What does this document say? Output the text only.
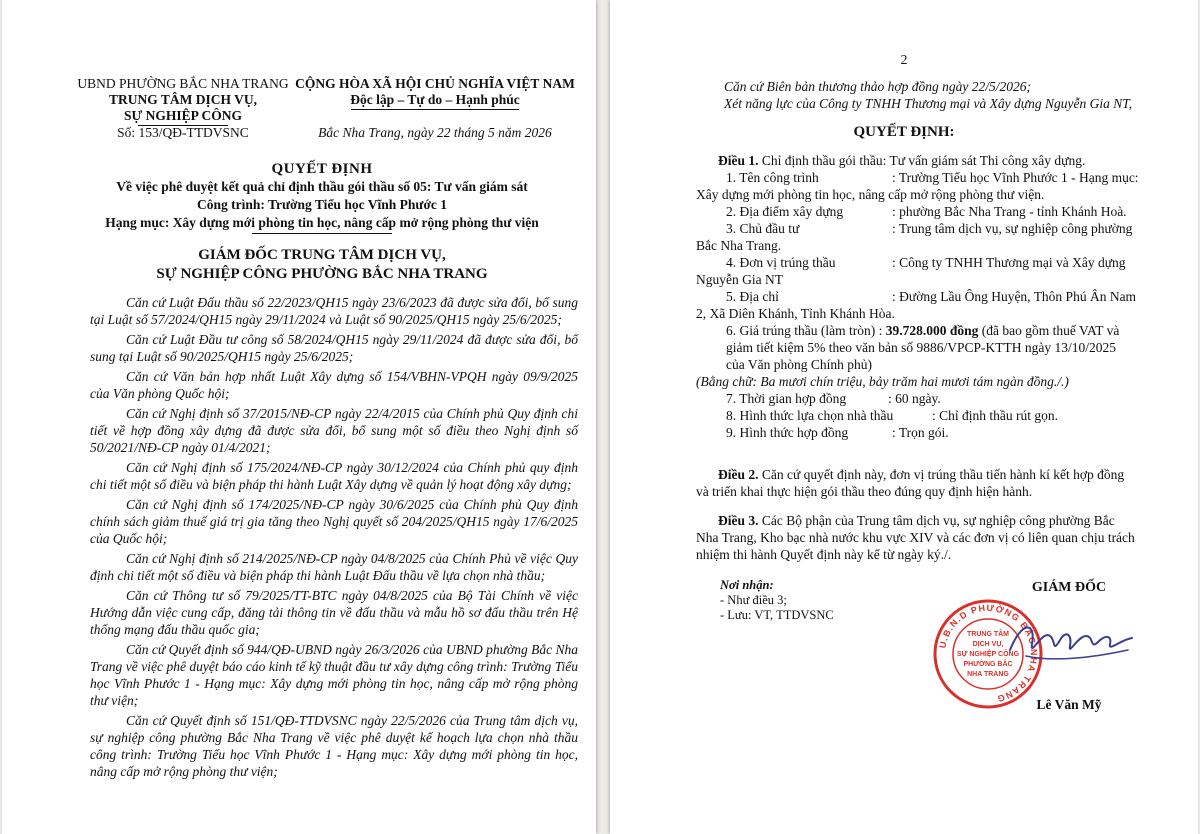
UBND PHƯỜNG BẮC NHA TRANG
TRUNG TÂM DỊCH VỤ,
SỰ NGHIỆP CÔNG
CỘNG HÒA XÃ HỘI CHỦ NGHĨA VIỆT NAM
Độc lập – Tự do – Hạnh phúc
Số: 153/QĐ-TTDVSNC	Bắc Nha Trang, ngày 22 tháng 5 năm 2026
QUYẾT ĐỊNH
Về việc phê duyệt kết quả chỉ định thầu gói thầu số 05: Tư vấn giám sát
Công trình: Trường Tiểu học Vĩnh Phước 1
Hạng mục: Xây dựng mới phòng tin học, nâng cấp mở rộng phòng thư viện
GIÁM ĐỐC TRUNG TÂM DỊCH VỤ,
SỰ NGHIỆP CÔNG PHƯỜNG BẮC NHA TRANG

Căn cứ Luật Đấu thầu số 22/2023/QH15 ngày 23/6/2023 đã được sửa đổi, bổ sung tại Luật số 57/2024/QH15 ngày 29/11/2024 và Luật số 90/2025/QH15 ngày 25/6/2025;

Căn cứ Luật Đầu tư công số 58/2024/QH15 ngày 29/11/2024 đã được sửa đổi, bổ sung tại Luật số 90/2025/QH15 ngày 25/6/2025;

Căn cứ Văn bản hợp nhất Luật Xây dựng số 154/VBHN-VPQH ngày 09/9/2025 của Văn phòng Quốc hội;

Căn cứ Nghị định số 37/2015/NĐ-CP ngày 22/4/2015 của Chính phủ Quy định chi tiết về hợp đồng xây dựng đã được sửa đổi, bổ sung một số điều theo Nghị định số 50/2021/NĐ-CP ngày 01/4/2021;

Căn cứ Nghị định số 175/2024/NĐ-CP ngày 30/12/2024 của Chính phủ quy định chi tiết một số điều và biện pháp thi hành Luật Xây dựng về quản lý hoạt động xây dựng;

Căn cứ Nghị định số 174/2025/NĐ-CP ngày 30/6/2025 của Chính phủ Quy định chính sách giảm thuế giá trị gia tăng theo Nghị quyết số 204/2025/QH15 ngày 17/6/2025 của Quốc hội;

Căn cứ Nghị định số 214/2025/NĐ-CP ngày 04/8/2025 của Chính Phủ về việc Quy định chi tiết một số điều và biện pháp thi hành Luật Đấu thầu về lựa chọn nhà thầu;

Căn cứ Thông tư số 79/2025/TT-BTC ngày 04/8/2025 của Bộ Tài Chính về việc Hướng dẫn việc cung cấp, đăng tải thông tin về đấu thầu và mẫu hồ sơ đấu thầu trên Hệ thống mạng đấu thầu quốc gia;

Căn cứ Quyết định số 944/QĐ-UBND ngày 26/3/2026 của UBND phường Bắc Nha Trang về việc phê duyệt báo cáo kinh tế kỹ thuật đầu tư xây dựng công trình: Trường Tiểu học Vĩnh Phước 1 - Hạng mục: Xây dựng mới phòng tin học, nâng cấp mở rộng phòng thư viện;

Căn cứ Quyết định số 151/QĐ-TTDVSNC ngày 22/5/2026 của Trung tâm dịch vụ, sự nghiệp công phường Bắc Nha Trang về việc phê duyệt kế hoạch lựa chọn nhà thầu công trình: Trường Tiểu học Vĩnh Phước 1 - Hạng mục: Xây dựng mới phòng tin học, nâng cấp mở rộng phòng thư viện;

2

Căn cứ Biên bản thương thảo hợp đồng ngày 22/5/2026;

Xét năng lực của Công ty TNHH Thương mại và Xây dựng Nguyễn Gia NT,

QUYẾT ĐỊNH:

Điều 1. Chỉ định thầu gói thầu: Tư vấn giám sát Thi công xây dựng.

1. Tên công trình	: Trường Tiểu học Vĩnh Phước 1 - Hạng mục:

Xây dựng mới phòng tin học, nâng cấp mở rộng phòng thư viện.

2. Địa điểm xây dựng	: phường Bắc Nha Trang - tỉnh Khánh Hoà.
3. Chủ đầu tư	: Trung tâm dịch vụ, sự nghiệp công phường

Bắc Nha Trang.

4. Đơn vị trúng thầu	: Công ty TNHH Thương mại và Xây dựng

Nguyễn Gia NT

5. Địa chỉ	: Đường Lầu Ông Huyện, Thôn Phú Ân Nam

2, Xã Diên Khánh, Tỉnh Khánh Hòa.

6. Giá trúng thầu (làm tròn) : 39.728.000 đồng (đã bao gồm thuế VAT và

giảm tiết kiệm 5% theo văn bản số 9886/VPCP-KTTH ngày 13/10/2025

của Văn phòng Chính phủ)

(Bằng chữ: Ba mươi chín triệu, bảy trăm hai mươi tám ngàn đồng./.)

7. Thời gian hợp đồng	: 60 ngày.
8. Hình thức lựa chọn nhà thầu	: Chỉ định thầu rút gọn.
9. Hình thức hợp đồng	: Trọn gói.

Điều 2. Căn cứ quyết định này, đơn vị trúng thầu tiến hành kí kết hợp đồng

và triển khai thực hiện gói thầu theo đúng quy định hiện hành.

Điều 3. Các Bộ phận của Trung tâm dịch vụ, sự nghiệp công phường Bắc

Nha Trang, Kho bạc nhà nước khu vực XIV và các đơn vị có liên quan chịu trách

nhiệm thi hành Quyết định này kể từ ngày ký./.

Nơi nhận:
- Như điều 3;
- Lưu: VT, TTDVSNC
GIÁM ĐỐC
U.B.N.D PHƯỜNG BẮC NHA TRANG
TRUNG TÂM
DỊCH VỤ,
SỰ NGHIỆP CÔNG
PHƯỜNG BẮC
NHA TRANG
Lê Văn Mỹ
